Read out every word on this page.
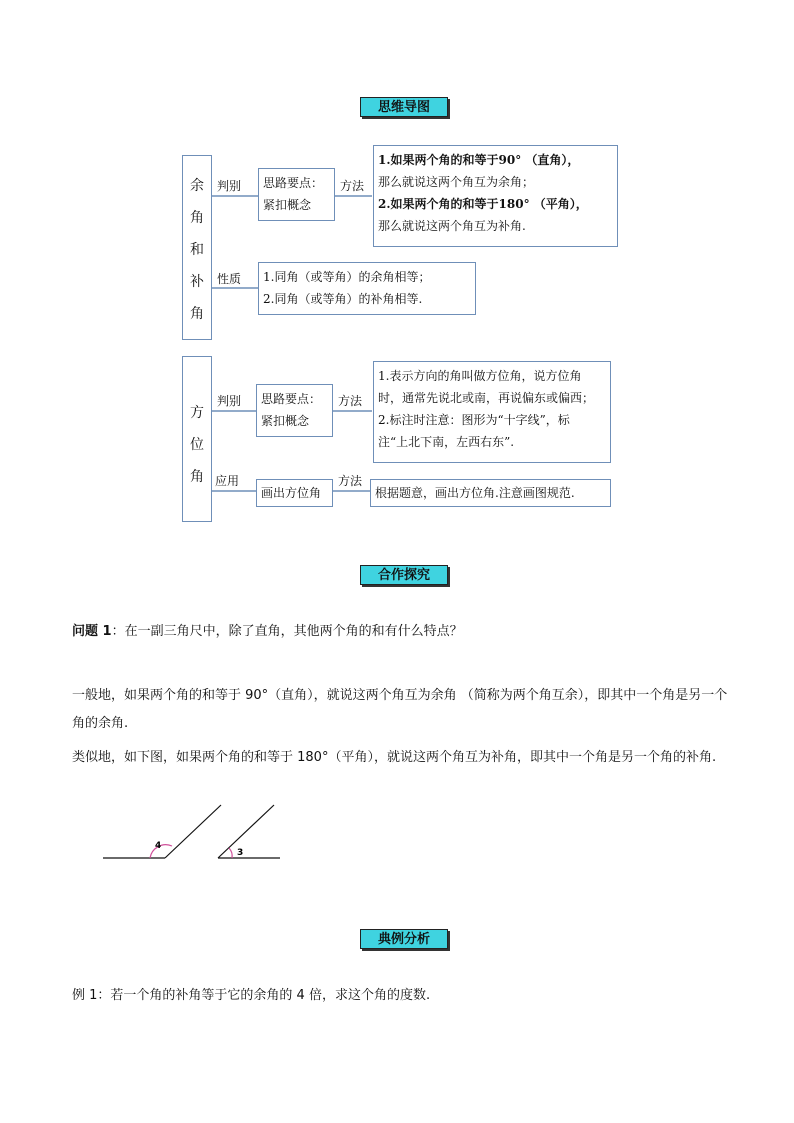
思维导图
余
角
和
补
角
判别 思路要点：
紧扣概念
方法
1.如果两个角的和等于90° （直角），
那么就说这两个角互为余角；
2.如果两个角的和等于180° （平角），
那么就说这两个角互为补角.
性质 1.同角（或等角）的余角相等；
2.同角（或等角）的补角相等.
方
位
角
判别 思路要点：
紧扣概念
方法
1.表示方向的角叫做方位角，说方位角
时，通常先说北或南，再说偏东或偏西；
2.标注时注意：图形为“十字线”，标
注“上北下南，左西右东”.
应用
画出方位角
方法
根据题意，画出方位角.注意画图规范.
合作探究
问题 1：在一副三角尺中，除了直角，其他两个角的和有什么特点？
一般地，如果两个角的和等于 90°（直角），就说这两个角互为余角 （简称为两个角互余），即其中一个角是另一个角的余角.
类似地，如下图，如果两个角的和等于 180°（平角），就说这两个角互为补角，即其中一个角是另一个角的补角.
4
3
典例分析
例 1：若一个角的补角等于它的余角的 4 倍，求这个角的度数.
